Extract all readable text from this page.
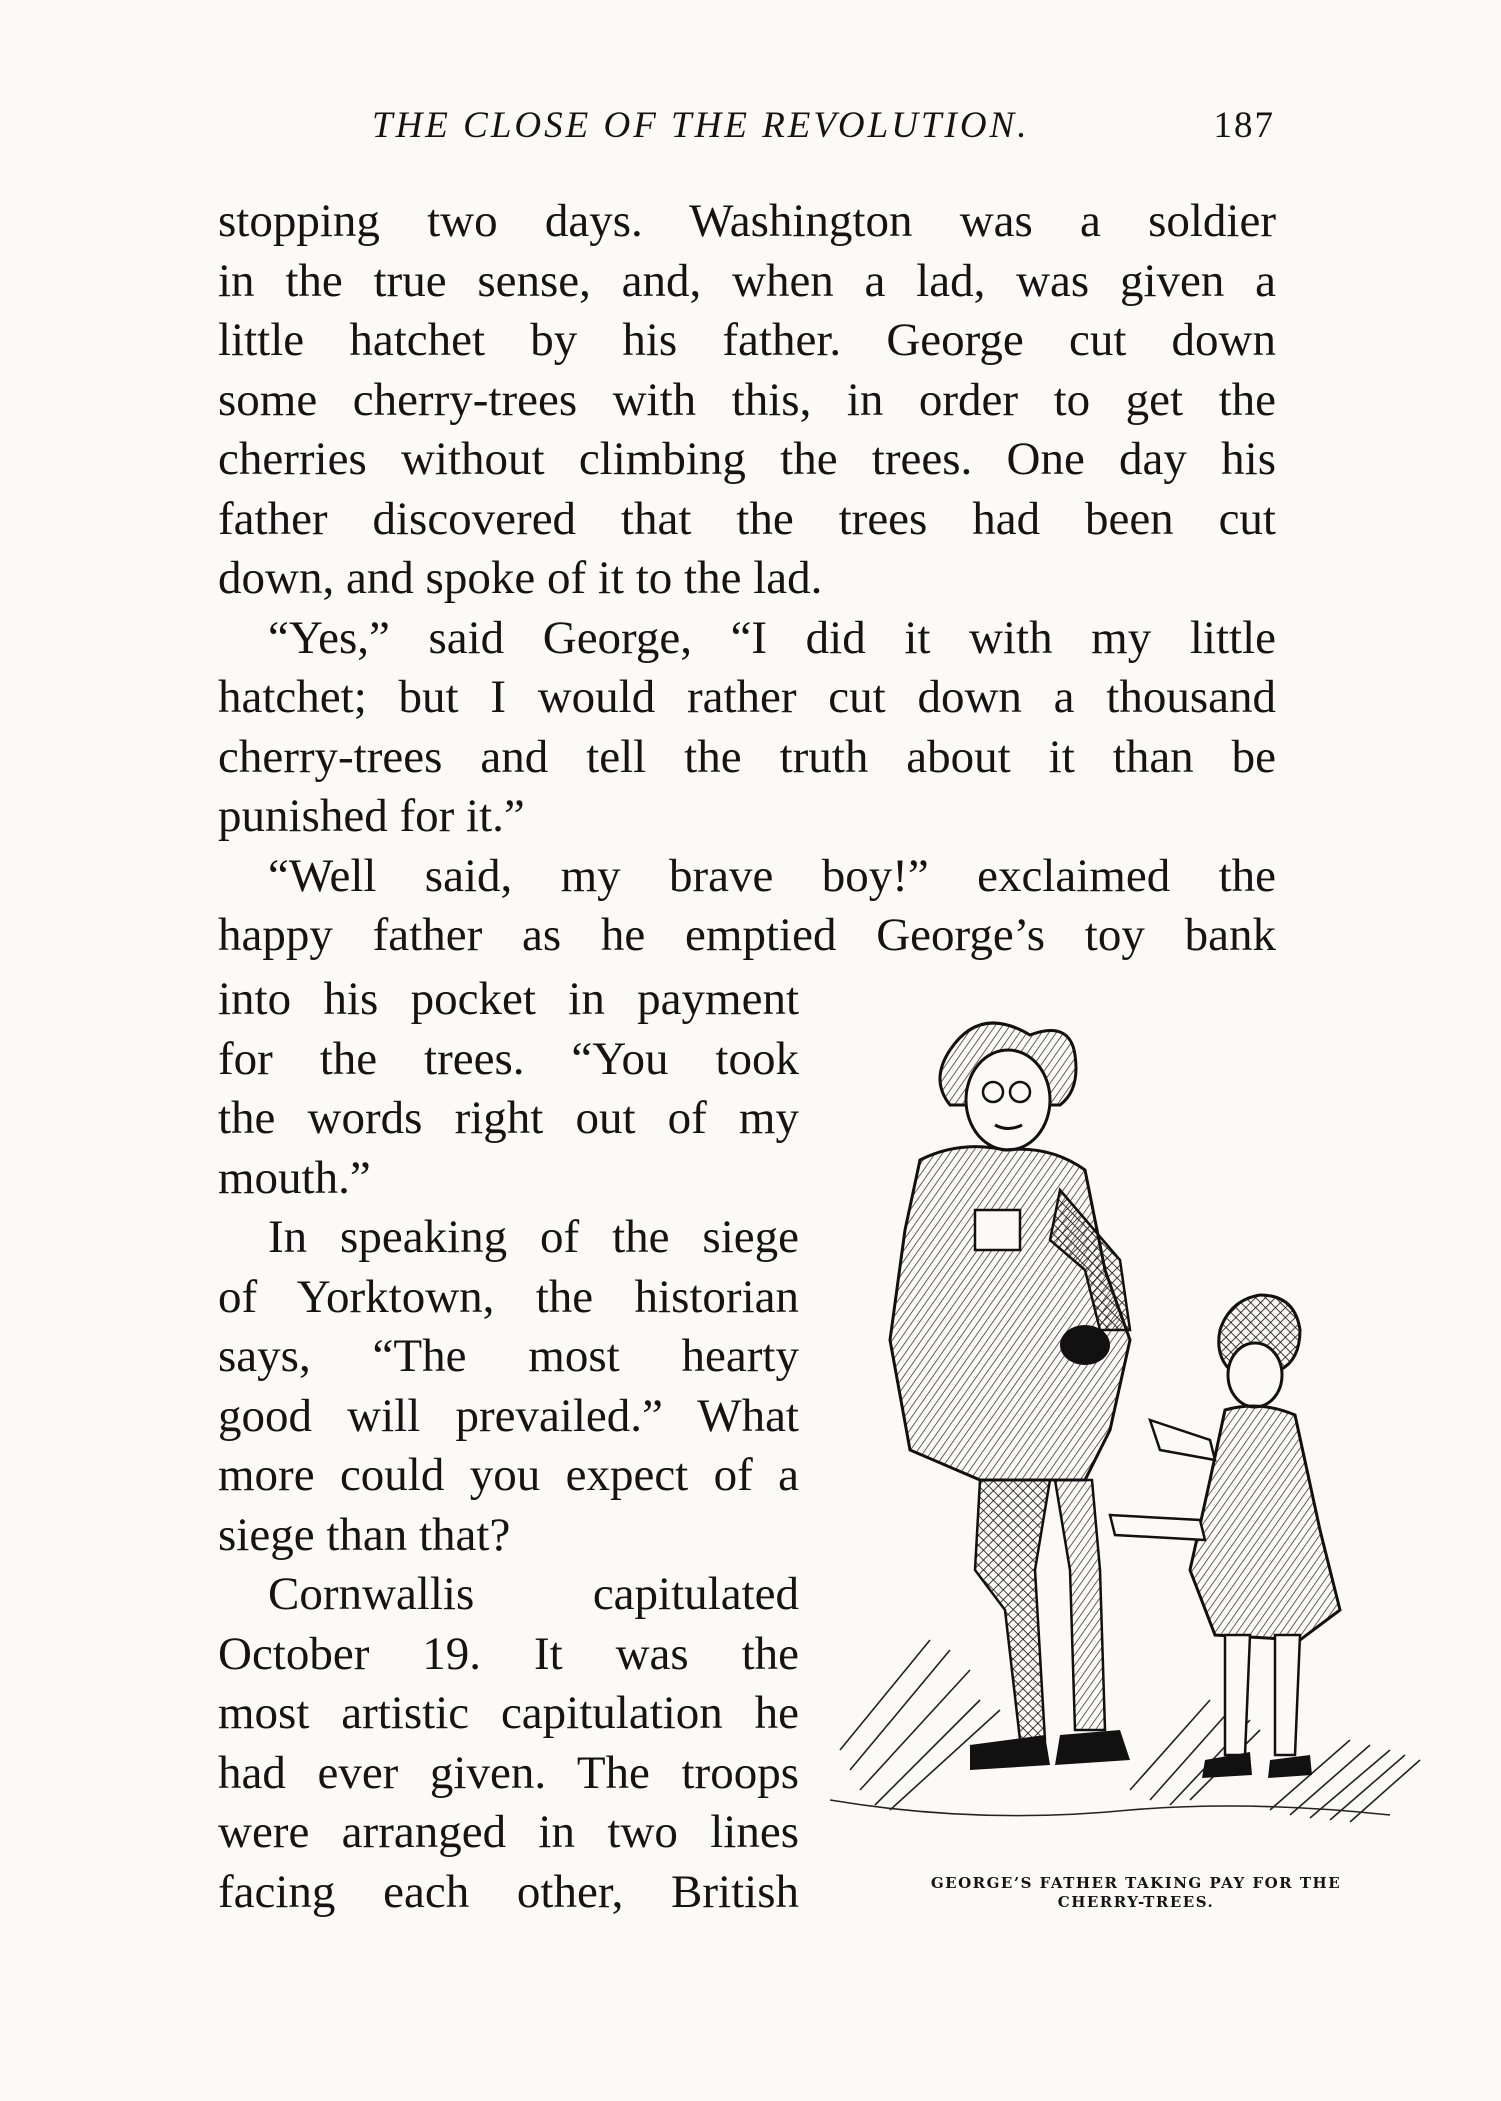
THE CLOSE OF THE REVOLUTION.	187

stopping two days. Washington was a soldier

in the true sense, and, when a lad, was given a

little hatchet by his father. George cut down

some cherry-trees with this, in order to get the

cherries without climbing the trees. One day his

father discovered that the trees had been cut

down, and spoke of it to the lad.

“Yes,” said George, “I did it with my little

hatchet; but I would rather cut down a thousand

cherry-trees and tell the truth about it than be

punished for it.”

“Well said, my brave boy!” exclaimed the

happy father as he emptied George’s toy bank

into his pocket in payment

for the trees. “You took

the words right out of my

mouth.”

In speaking of the siege

of Yorktown, the historian

says, “The most hearty

good will prevailed.” What

more could you expect of a

siege than that?

Cornwallis capitulated

October 19. It was the

most artistic capitulation he

had ever given. The troops

were arranged in two lines

facing each other, British	GEORGE’S FATHER TAKING PAY FOR THE
CHERRY-TREES.
